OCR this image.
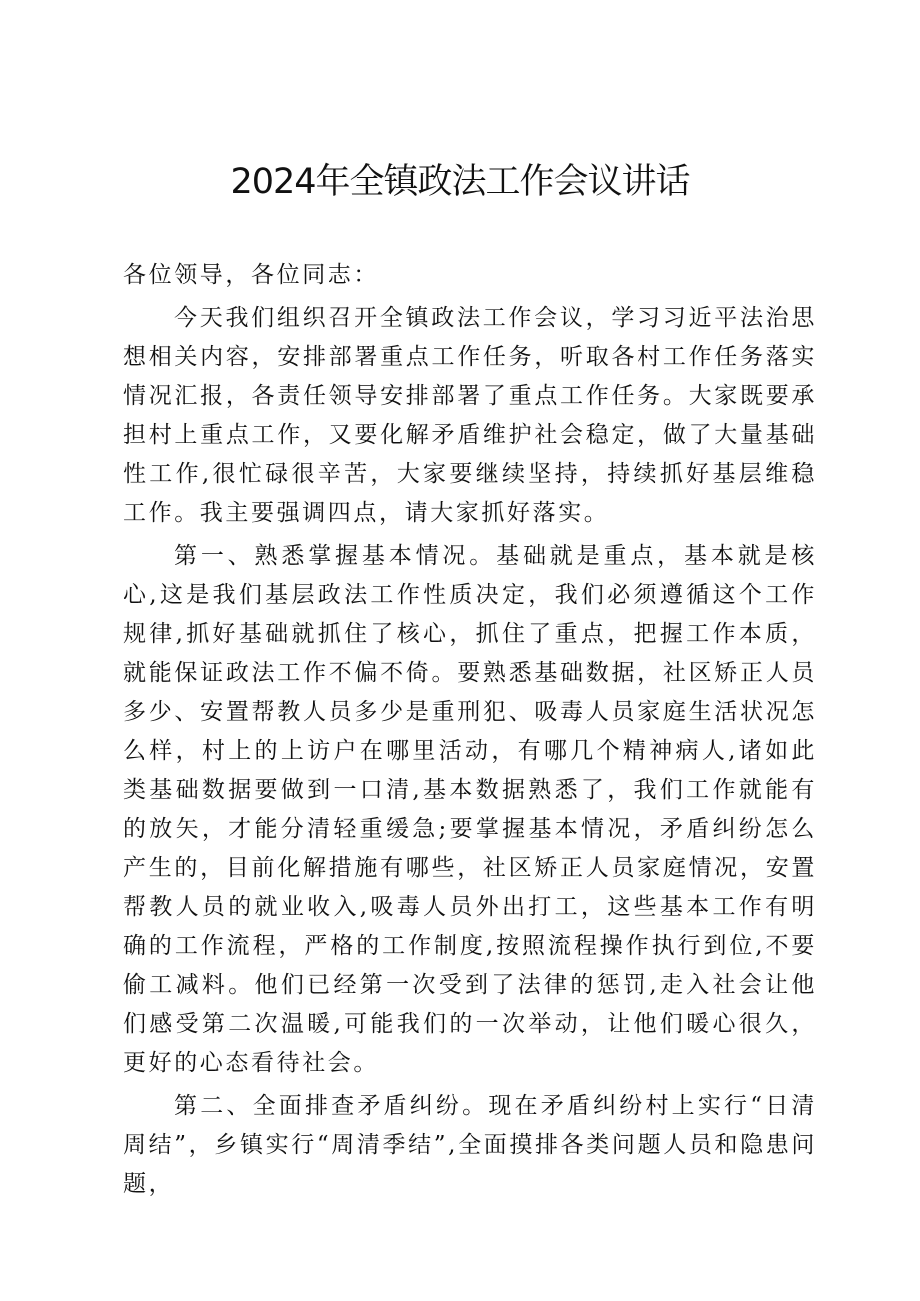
2024年全镇政法工作会议讲话

各位领导，各位同志：

今天我们组织召开全镇政法工作会议，学习习近平法治思想相关内容，安排部署重点工作任务，听取各村工作任务落实情况汇报，各责任领导安排部署了重点工作任务。大家既要承担村上重点工作，又要化解矛盾维护社会稳定，做了大量基础性工作,很忙碌很辛苦，大家要继续坚持，持续抓好基层维稳工作。我主要强调四点，请大家抓好落实。

第一、熟悉掌握基本情况。基础就是重点，基本就是核心,这是我们基层政法工作性质决定，我们必须遵循这个工作规律,抓好基础就抓住了核心，抓住了重点，把握工作本质，就能保证政法工作不偏不倚。要熟悉基础数据，社区矫正人员多少、安置帮教人员多少是重刑犯、吸毒人员家庭生活状况怎么样，村上的上访户在哪里活动，有哪几个精神病人,诸如此类基础数据要做到一口清,基本数据熟悉了，我们工作就能有的放矢，才能分清轻重缓急;要掌握基本情况，矛盾纠纷怎么产生的，目前化解措施有哪些，社区矫正人员家庭情况，安置帮教人员的就业收入,吸毒人员外出打工，这些基本工作有明确的工作流程，严格的工作制度,按照流程操作执行到位,不要偷工减料。他们已经第一次受到了法律的惩罚,走入社会让他们感受第二次温暖,可能我们的一次举动，让他们暖心很久，更好的心态看待社会。

第二、全面排查矛盾纠纷。现在矛盾纠纷村上实行“日清周结”，乡镇实行“周清季结”,全面摸排各类问题人员和隐患问题，
